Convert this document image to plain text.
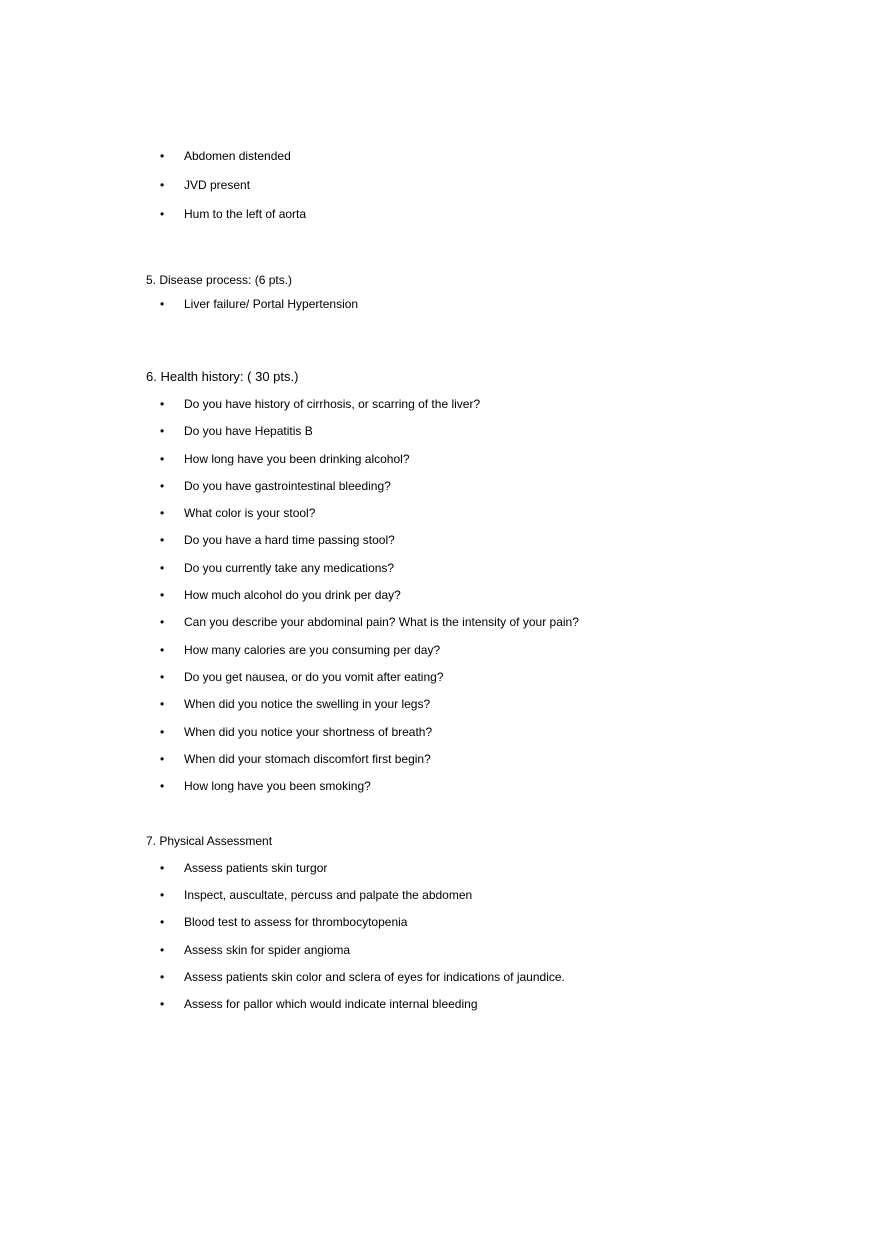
•	Abdomen distended
•	JVD present
•	Hum to the left of aorta
5. Disease process: (6 pts.)
•	Liver failure/ Portal Hypertension
6. Health history: ( 30 pts.)
•	Do you have history of cirrhosis, or scarring of the liver?
•	Do you have Hepatitis B
•	How long have you been drinking alcohol?
•	Do you have gastrointestinal bleeding?
•	What color is your stool?
•	Do you have a hard time passing stool?
•	Do you currently take any medications?
•	How much alcohol do you drink per day?
•	Can you describe your abdominal pain? What is the intensity of your pain?
•	How many calories are you consuming per day?
•	Do you get nausea, or do you vomit after eating?
•	When did you notice the swelling in your legs?
•	When did you notice your shortness of breath?
•	When did your stomach discomfort first begin?
•	How long have you been smoking?
7. Physical Assessment
•	Assess patients skin turgor
•	Inspect, auscultate, percuss and palpate the abdomen
•	Blood test to assess for thrombocytopenia
•	Assess skin for spider angioma
•	Assess patients skin color and sclera of eyes for indications of jaundice.
•	Assess for pallor which would indicate internal bleeding
